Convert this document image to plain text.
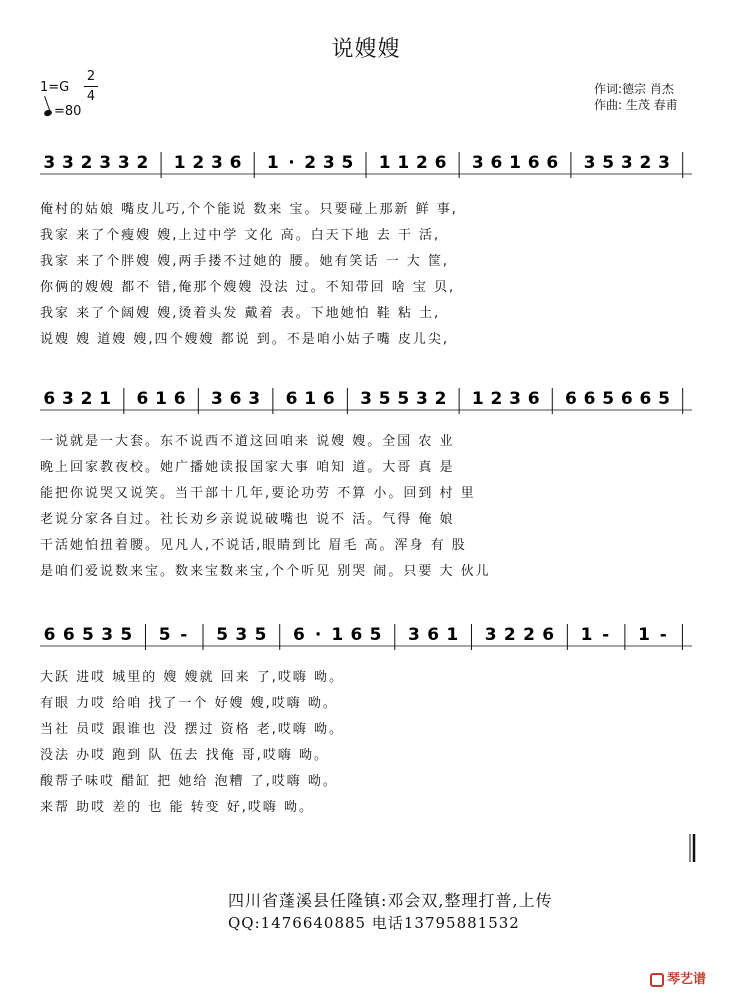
说嫂嫂
1=G
2
4
=80
作词:德宗 肖杰
作曲: 生茂 春甫
3 3 2 3 3 2 1 2 3 6 1 · 2 3 5 1 1 2 6 3 6 1 6 6 3 5 3 2 3
6 3 2 1 6 1 6 3 6 3 6 1 6 3 5 5 3 2 1 2 3 6 6 6 5 6 6 5
6 6 5 3 5 5 - 5 3 5 6 · 1 6 5 3 6 1 3 2 2 6 1 - 1 -
俺村的姑娘 嘴皮儿巧,个个能说 数来 宝。只要碰上那新 鲜 事,
我家 来了个瘦嫂 嫂,上过中学 文化 高。白天下地 去 干 活,
我家 来了个胖嫂 嫂,两手搂不过她的 腰。她有笑话 一 大 筐,
你俩的嫂嫂 都不 错,俺那个嫂嫂 没法 过。不知带回 啥 宝 贝,
我家 来了个阔嫂 嫂,烫着头发 戴着 表。下地她怕 鞋 粘 土,
说嫂 嫂 道嫂 嫂,四个嫂嫂 都说 到。不是咱小姑子嘴 皮儿尖,
一说就是一大套。东不说西不道这回咱来 说嫂 嫂。全国 农 业
晚上回家教夜校。她广播她读报国家大事 咱知 道。大哥 真 是
能把你说哭又说笑。当干部十几年,要论功劳 不算 小。回到 村 里
老说分家各自过。社长劝乡亲说说破嘴也 说不 活。气得 俺 娘
干活她怕扭着腰。见凡人,不说话,眼睛到比 眉毛 高。浑身 有 股
是咱们爱说数来宝。数来宝数来宝,个个听见 别哭 闹。只要 大 伙儿
大跃 进哎 城里的 嫂 嫂就 回来 了,哎嗨 呦。
有眼 力哎 给咱 找了一个 好嫂 嫂,哎嗨 呦。
当社 员哎 跟谁也 没 摆过 资格 老,哎嗨 呦。
没法 办哎 跑到 队 伍去 找俺 哥,哎嗨 呦。
酸帮子味哎 醋缸 把 她给 泡糟 了,哎嗨 呦。
来帮 助哎 差的 也 能 转变 好,哎嗨 呦。
四川省蓬溪县任隆镇:邓会双,整理打普,上传
QQ:1476640885 电话13795881532
琴艺谱
